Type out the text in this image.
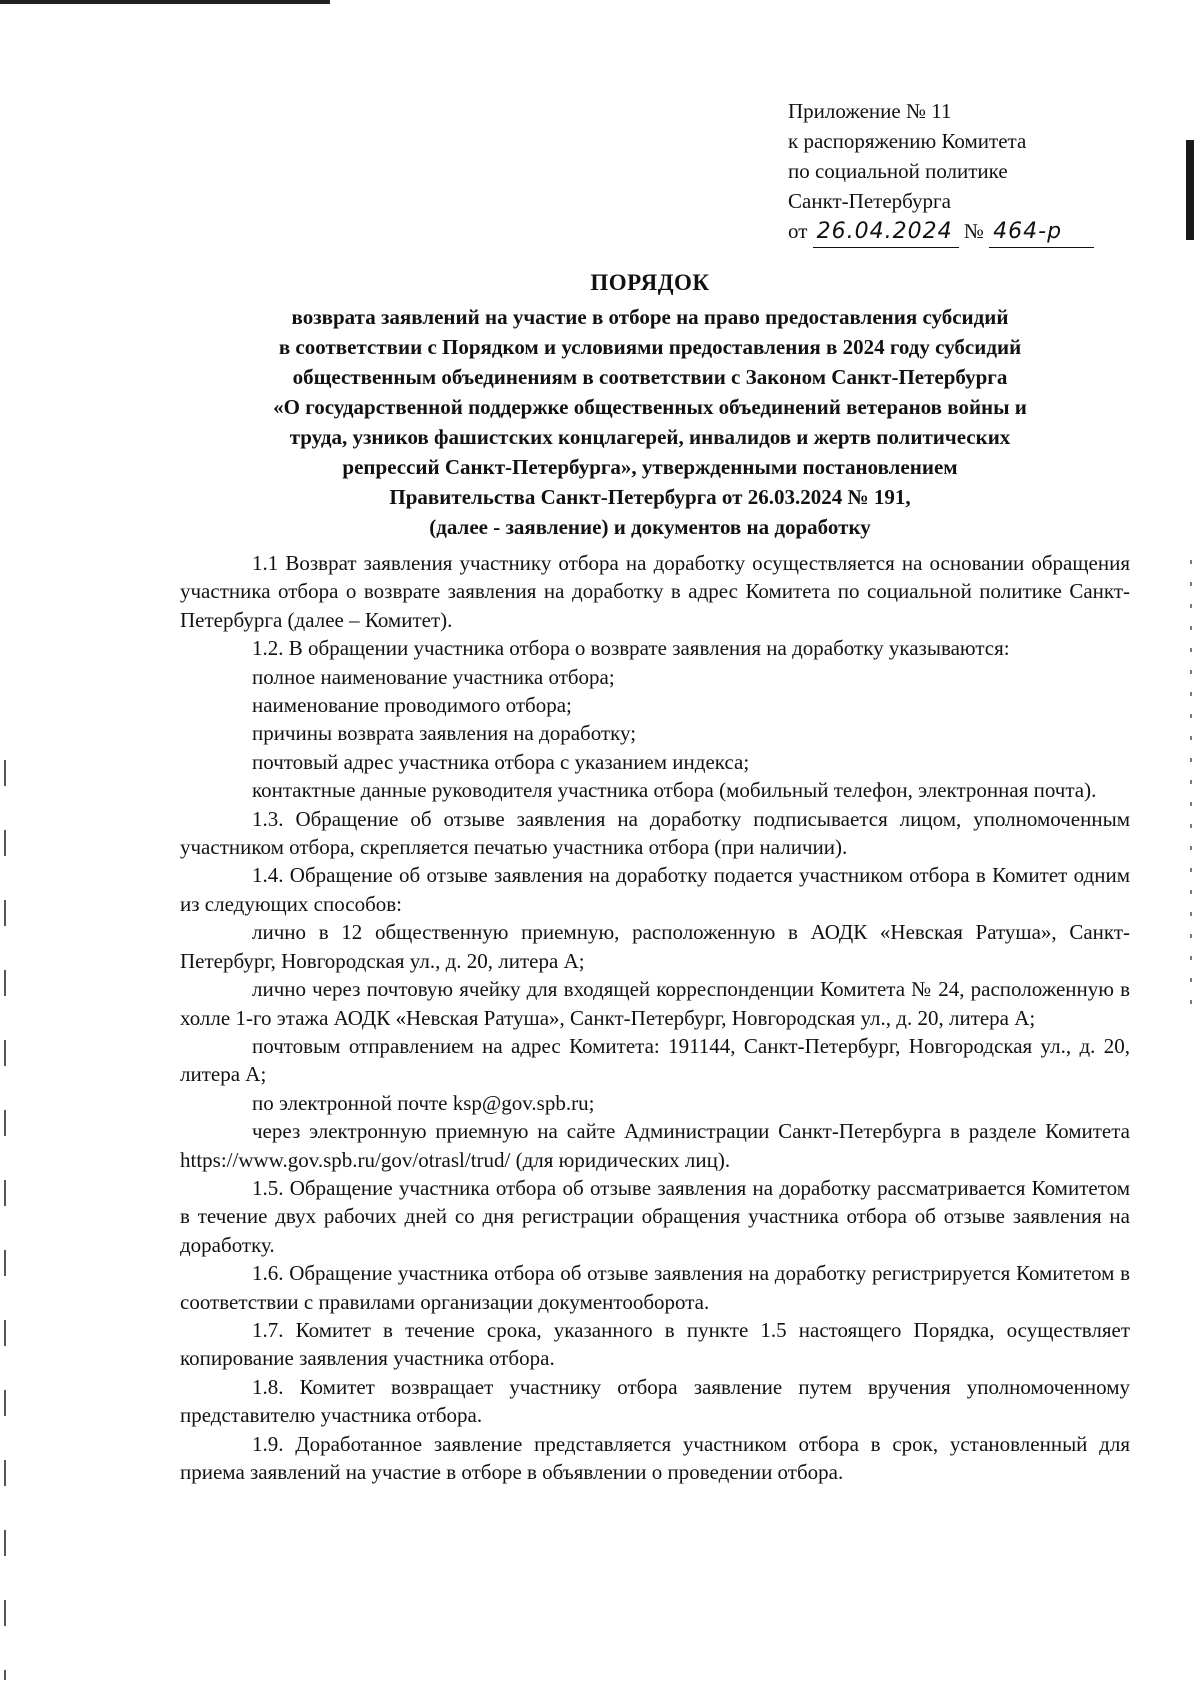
Приложение № 11
к распоряжению Комитета
по социальной политике
Санкт-Петербурга
от 26.04.2024 № 464-р
ПОРЯДОК
возврата заявлений на участие в отборе на право предоставления субсидий
в соответствии с Порядком и условиями предоставления в 2024 году субсидий
общественным объединениям в соответствии с Законом Санкт-Петербурга
«О государственной поддержке общественных объединений ветеранов войны и
труда, узников фашистских концлагерей, инвалидов и жертв политических
репрессий Санкт-Петербурга», утвержденными постановлением
Правительства Санкт-Петербурга от 26.03.2024 № 191,
(далее - заявление) и документов на доработку

1.1 Возврат заявления участнику отбора на доработку осуществляется на основании обращения участника отбора о возврате заявления на доработку в адрес Комитета по социальной политике Санкт-Петербурга (далее – Комитет).

1.2. В обращении участника отбора о возврате заявления на доработку указываются:

полное наименование участника отбора;

наименование проводимого отбора;

причины возврата заявления на доработку;

почтовый адрес участника отбора с указанием индекса;

контактные данные руководителя участника отбора (мобильный телефон, электронная почта).

1.3. Обращение об отзыве заявления на доработку подписывается лицом, уполномоченным участником отбора, скрепляется печатью участника отбора (при наличии).

1.4. Обращение об отзыве заявления на доработку подается участником отбора в Комитет одним из следующих способов:

лично в 12 общественную приемную, расположенную в АОДК «Невская Ратуша», Санкт-Петербург, Новгородская ул., д. 20, литера А;

лично через почтовую ячейку для входящей корреспонденции Комитета № 24, расположенную в холле 1-го этажа АОДК «Невская Ратуша», Санкт-Петербург, Новгородская ул., д. 20, литера А;

почтовым отправлением на адрес Комитета: 191144, Санкт-Петербург, Новгородская ул., д. 20, литера А;

по электронной почте ksp@gov.spb.ru;

через электронную приемную на сайте Администрации Санкт-Петербурга в разделе Комитета https://www.gov.spb.ru/gov/otrasl/trud/ (для юридических лиц).

1.5. Обращение участника отбора об отзыве заявления на доработку рассматривается Комитетом в течение двух рабочих дней со дня регистрации обращения участника отбора об отзыве заявления на доработку.

1.6. Обращение участника отбора об отзыве заявления на доработку регистрируется Комитетом в соответствии с правилами организации документооборота.

1.7. Комитет в течение срока, указанного в пункте 1.5 настоящего Порядка, осуществляет копирование заявления участника отбора.

1.8. Комитет возвращает участнику отбора заявление путем вручения уполномоченному представителю участника отбора.

1.9. Доработанное заявление представляется участником отбора в срок, установленный для приема заявлений на участие в отборе в объявлении о проведении отбора.
